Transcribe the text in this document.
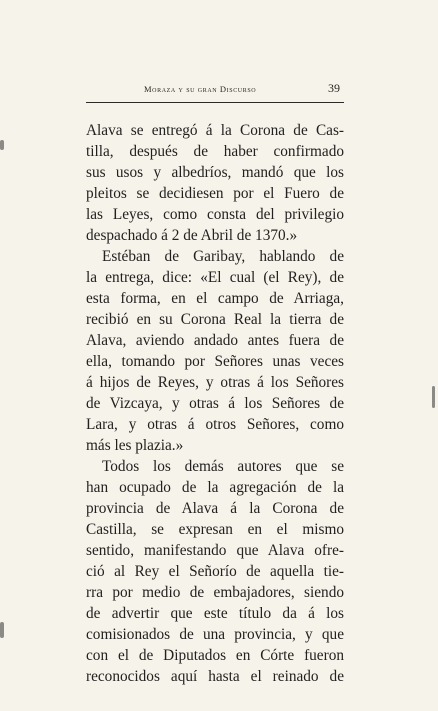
Moraza y su gran Discurso	39
Alava se entregó á la Corona de Cas-
tilla, después de haber confirmado
sus usos y albedríos, mandó que los
pleitos se decidiesen por el Fuero de
las Leyes, como consta del privilegio
despachado á 2 de Abril de 1370.»
Estéban de Garibay, hablando de
la entrega, dice: «El cual (el Rey), de
esta forma, en el campo de Arriaga,
recibió en su Corona Real la tierra de
Alava, aviendo andado antes fuera de
ella, tomando por Señores unas veces
á hijos de Reyes, y otras á los Señores
de Vizcaya, y otras á los Señores de
Lara, y otras á otros Señores, como
más les plazia.»
Todos los demás autores que se
han ocupado de la agregación de la
provincia de Alava á la Corona de
Castilla, se expresan en el mismo
sentido, manifestando que Alava ofre-
ció al Rey el Señorío de aquella tie-
rra por medio de embajadores, siendo
de advertir que este título da á los
comisionados de una provincia, y que
con el de Diputados en Córte fueron
reconocidos aquí hasta el reinado de
